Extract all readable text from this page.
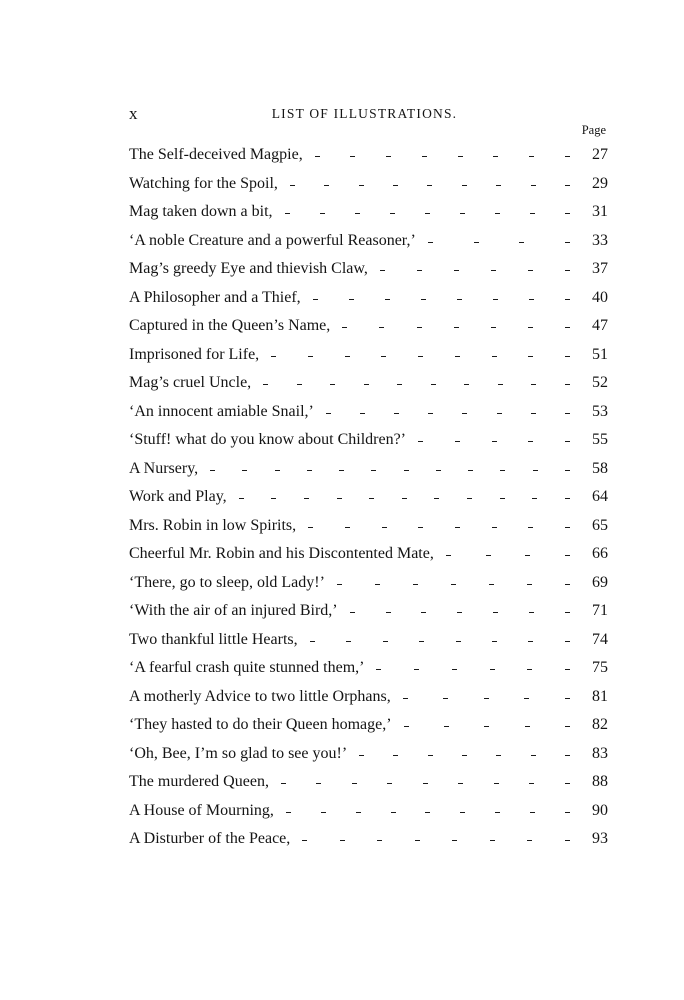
x	LIST OF ILLUSTRATIONS.
Page
The Self-deceived Magpie,	27
Watching for the Spoil,	29
Mag taken down a bit,	31
‘A noble Creature and a powerful Reasoner,’	33
Mag’s greedy Eye and thievish Claw,	37
A Philosopher and a Thief,	40
Captured in the Queen’s Name,	47
Imprisoned for Life,	51
Mag’s cruel Uncle,	52
‘An innocent amiable Snail,’	53
‘Stuff! what do you know about Children?’	55
A Nursery,	58
Work and Play,	64
Mrs. Robin in low Spirits,	65
Cheerful Mr. Robin and his Discontented Mate,	66
‘There, go to sleep, old Lady!’	69
‘With the air of an injured Bird,’	71
Two thankful little Hearts,	74
‘A fearful crash quite stunned them,’	75
A motherly Advice to two little Orphans,	81
‘They hasted to do their Queen homage,’	82
‘Oh, Bee, I’m so glad to see you!’	83
The murdered Queen,	88
A House of Mourning,	90
A Disturber of the Peace,	93
